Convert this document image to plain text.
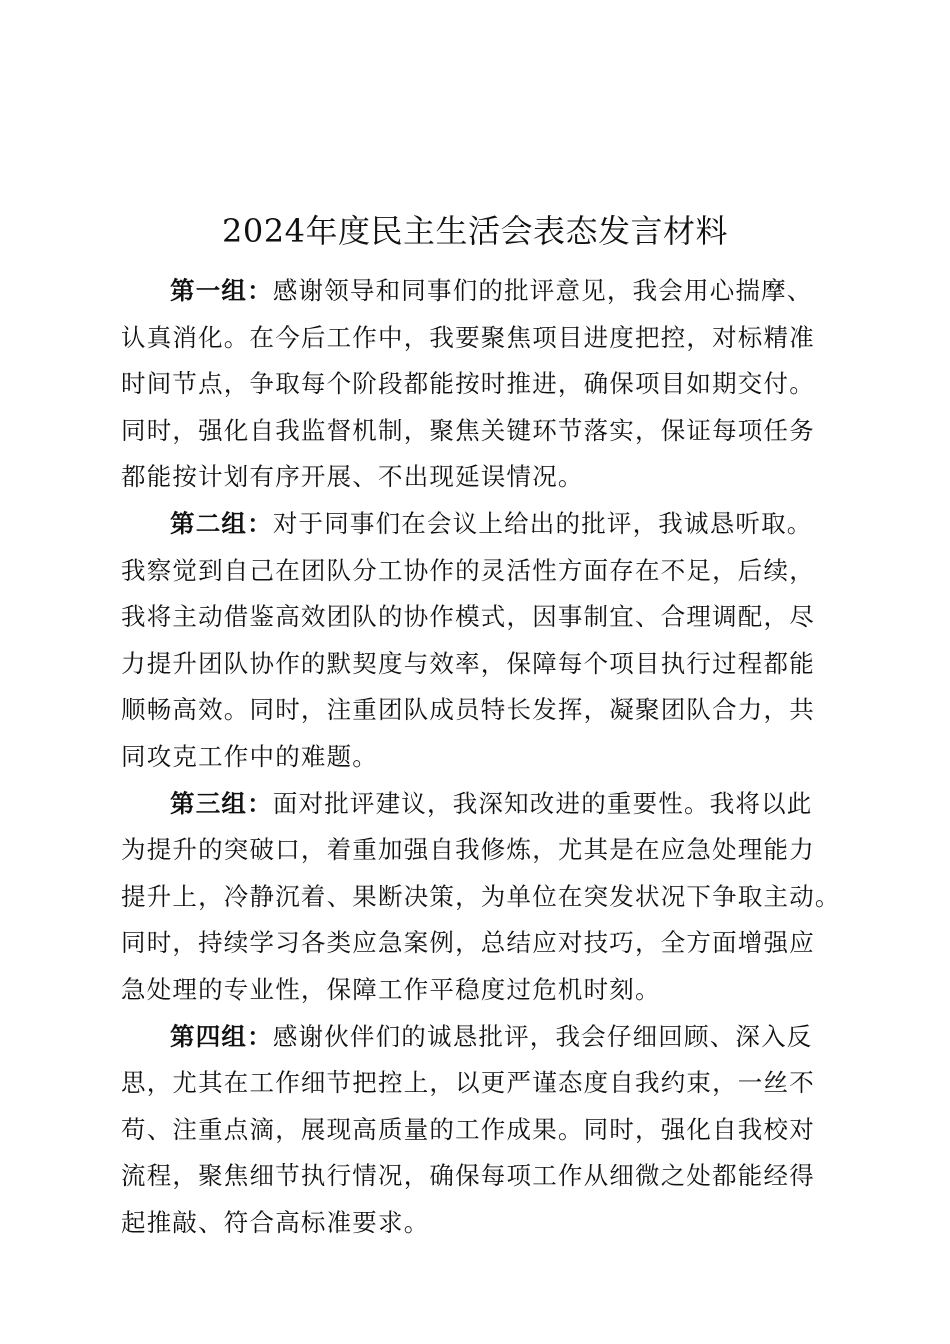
2024年度民主生活会表态发言材料

第一组：感谢领导和同事们的批评意见，我会用心揣摩、
认真消化。在今后工作中，我要聚焦项目进度把控，对标精准
时间节点，争取每个阶段都能按时推进，确保项目如期交付。
同时，强化自我监督机制，聚焦关键环节落实，保证每项任务
都能按计划有序开展、不出现延误情况。

第二组：对于同事们在会议上给出的批评，我诚恳听取。
我察觉到自己在团队分工协作的灵活性方面存在不足，后续，
我将主动借鉴高效团队的协作模式，因事制宜、合理调配，尽
力提升团队协作的默契度与效率，保障每个项目执行过程都能
顺畅高效。同时，注重团队成员特长发挥，凝聚团队合力，共
同攻克工作中的难题。

第三组：面对批评建议，我深知改进的重要性。我将以此
为提升的突破口，着重加强自我修炼，尤其是在应急处理能力
提升上，冷静沉着、果断决策，为单位在突发状况下争取主动。
同时，持续学习各类应急案例，总结应对技巧，全方面增强应
急处理的专业性，保障工作平稳度过危机时刻。

第四组：感谢伙伴们的诚恳批评，我会仔细回顾、深入反
思，尤其在工作细节把控上，以更严谨态度自我约束，一丝不
苟、注重点滴，展现高质量的工作成果。同时，强化自我校对
流程，聚焦细节执行情况，确保每项工作从细微之处都能经得
起推敲、符合高标准要求。
